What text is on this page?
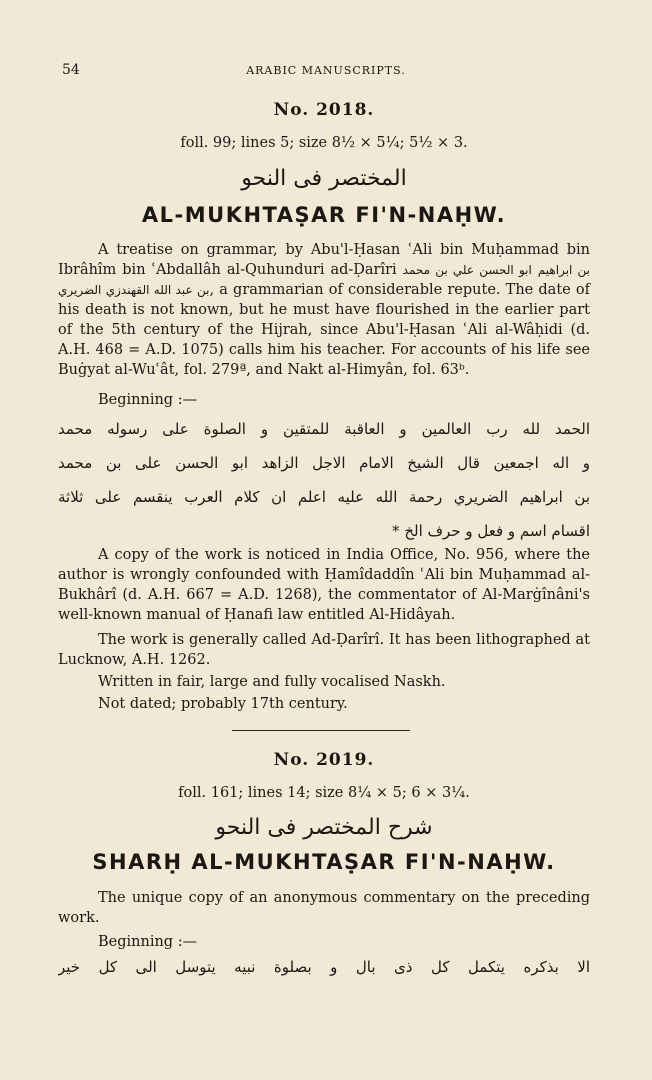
54	ARABIC MANUSCRIPTS.
No. 2018.
foll. 99; lines 5; size 8½ × 5¼; 5½ × 3.
المختصر فی النحو
AL-MUKHTAṢAR FI'N-NAḤW.

A treatise on grammar, by Abu'l-Ḥasan ʿAli bin Muḥammad bin Ibrâhîm bin ʿAbdallâh al-Quhunduri ad-Ḍarîri ابو الحسن علي بن محمد بن ابراهيم بن عبد الله القهندزي الضريري, a grammarian of considerable repute. The date of his death is not known, but he must have flourished in the earlier part of the 5th century of the Hijrah, since Abu'l-Ḥasan ʿAli al-Wâḥidi (d. A.H. 468 = A.D. 1075) calls him his teacher. For accounts of his life see Buġyat al-Wuʿât, fol. 279ª, and Nakt al-Himyân, fol. 63ᵇ.

Beginning :—
الحمد لله رب العالمين و العاقبة للمتقين و الصلوة على رسوله محمد
و اله اجمعين قال الشيخ الامام الاجل الزاهد ابو الحسن على بن محمد
بن ابراهيم الضريري رحمة الله عليه اعلم ان كلام العرب ينقسم على ثلاثة
اقسام اسم و فعل و حرف الخ *

A copy of the work is noticed in India Office, No. 956, where the author is wrongly confounded with Ḥamîdaddîn ʿAli bin Muḥammad al-Bukhârî (d. A.H. 667 = A.D. 1268), the commentator of Al-Marġînâni's well-known manual of Ḥanafi law entitled Al-Hidâyah.

The work is generally called Ad-Ḍarîrî. It has been lithographed at Lucknow, A.H. 1262.

Written in fair, large and fully vocalised Naskh.

Not dated; probably 17th century.

No. 2019.
foll. 161; lines 14; size 8¼ × 5; 6 × 3¼.
شرح المختصر فی النحو
SHARḤ AL-MUKHTAṢAR FI'N-NAḤW.

The unique copy of an anonymous commentary on the preceding work.

Beginning :—
الا بذكره يتكمل كل ذى بال و بصلوة نبيه يتوسل الى كل خير
